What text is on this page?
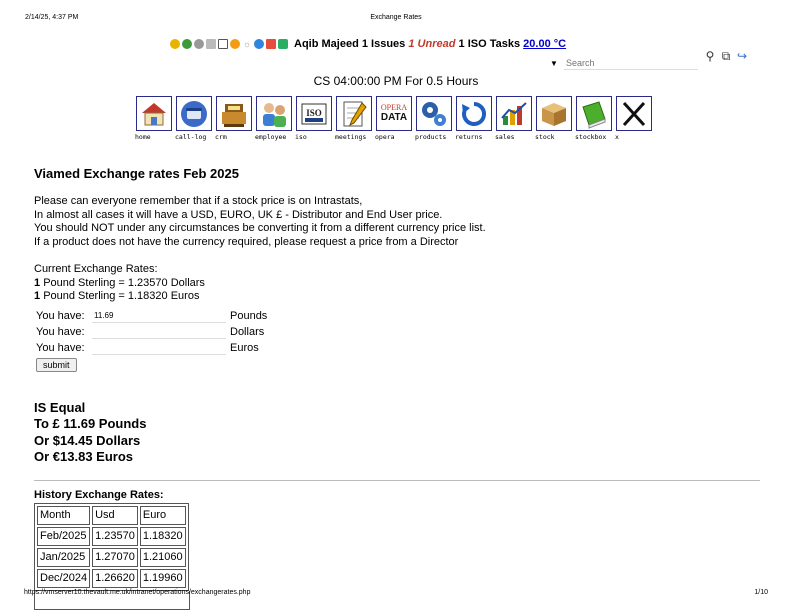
2/14/25, 4:37 PM	Exchange Rates
☼	Aqib Majeed 1 Issues 1 Unread 1 ISO Tasks 20.00 °C
▼
Search	⚲ ⧉ ↪
CS 04:00:00 PM For 0.5 Hours
home	call-log	crm	employee
ISO
iso	meetings
OPERA
DATA
opera	products	returns	sales	stock	stockbox	x
Viamed Exchange rates Feb 2025

Please can everyone remember that if a stock price is on Intrastats,

In almost all cases it will have a USD, EURO, UK £ - Distributor and End User price.

You should NOT under any circumstances be converting it from a different currency price list.

If a product does not have the currency required, please request a price from a Director

Current Exchange Rates:
1 Pound Sterling = 1.23570 Dollars
1 Pound Sterling = 1.18320 Euros
You have:
11.69	Pounds
You have:	Dollars
You have:	Euros
submit
IS Equal
To £ 11.69 Pounds
Or $14.45 Dollars
Or €13.83 Euros
History Exchange Rates:
Month	Usd	Euro
Feb/2025	1.23570	1.18320
Jan/2025	1.27070	1.21060
Dec/2024	1.26620	1.19960
https://vmserver10.thevault.me.uk/intranet/operations/exchangerates.php	1/10
